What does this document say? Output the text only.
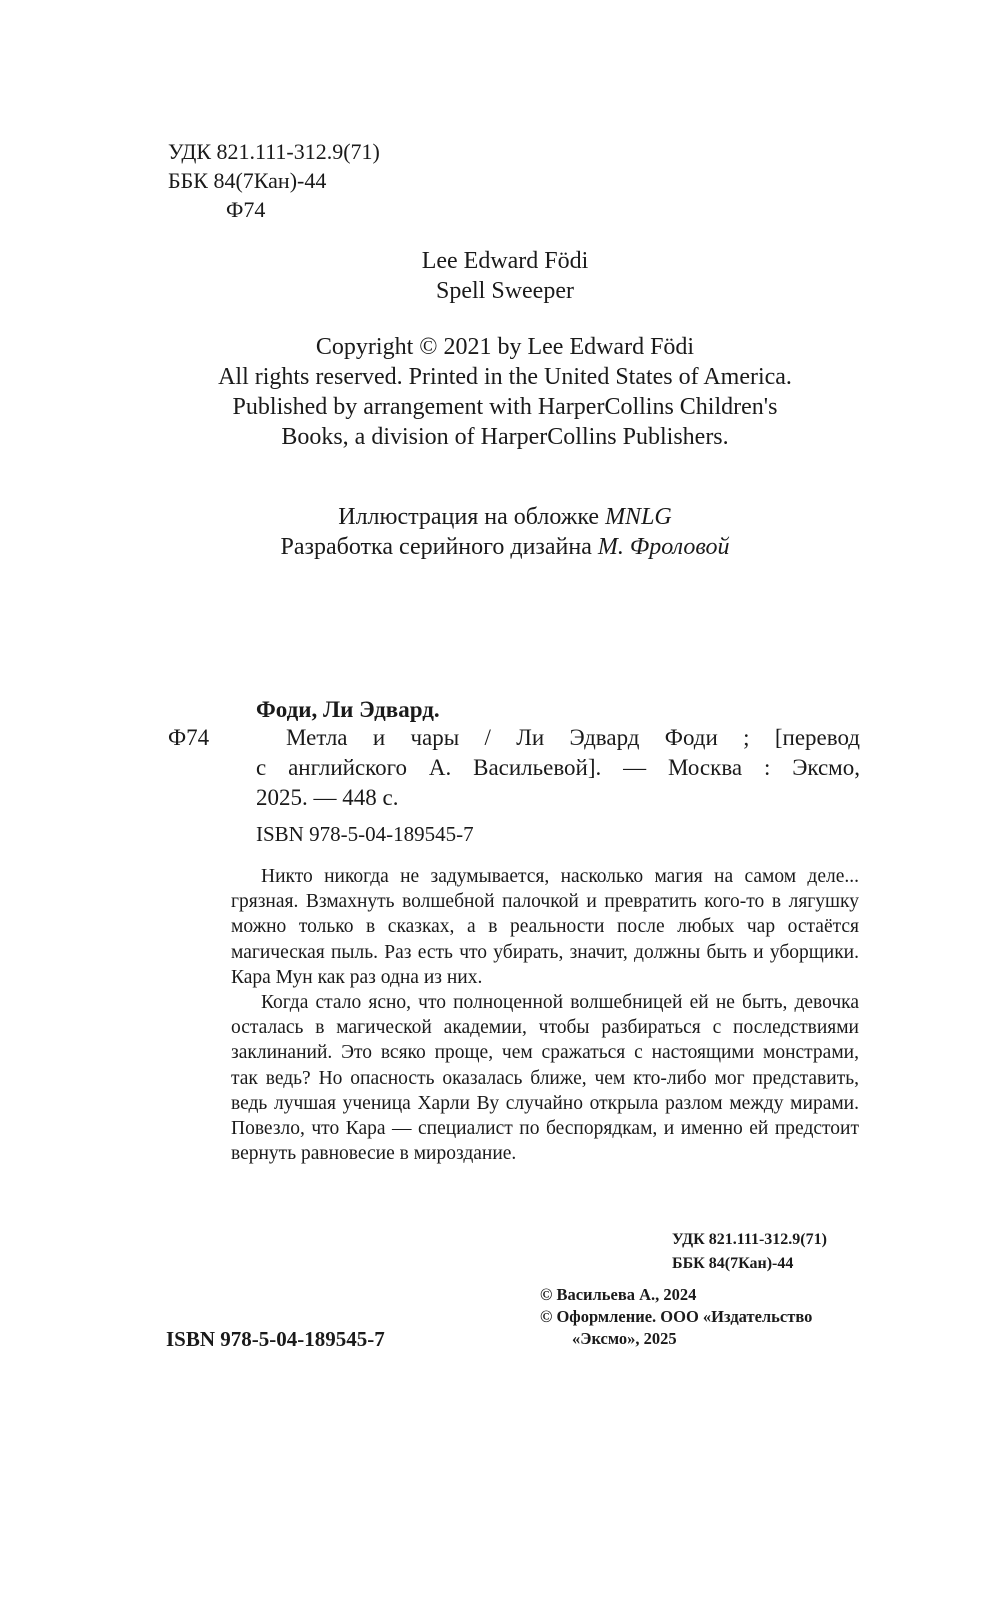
УДК 821.111-312.9(71)
ББК 84(7Кан)-44
Ф74
Lee Edward Födi
Spell Sweeper
Copyright © 2021 by Lee Edward Födi
All rights reserved. Printed in the United States of America.
Published by arrangement with HarperCollins Children's
Books, a division of HarperCollins Publishers.
Иллюстрация на обложке MNLG
Разработка серийного дизайна М. Фроловой
Фоди, Ли Эдвард.
Ф74	Метла и чары / Ли Эдвард Фоди ; [перевод
с английского А. Васильевой]. — Москва : Эксмо,
2025. — 448 с.
ISBN 978-5-04-189545-7

Никто никогда не задумывается, насколько магия на самом деле... грязная. Взмахнуть волшебной палочкой и превратить кого-то в лягушку можно только в сказках, а в реальности после любых чар остаётся магическая пыль. Раз есть что убирать, значит, должны быть и уборщики. Кара Мун как раз одна из них.

Когда стало ясно, что полноценной волшебницей ей не быть, девочка осталась в магической академии, чтобы разбираться с последствиями заклинаний. Это всяко проще, чем сражаться с настоящими монстрами, так ведь? Но опасность оказалась ближе, чем кто-либо мог представить, ведь лучшая ученица Харли Ву случайно открыла разлом между мирами. Повезло, что Кара — специалист по беспорядкам, и именно ей предстоит вернуть равновесие в мироздание.

УДК 821.111-312.9(71)
ББК 84(7Кан)-44
ISBN 978-5-04-189545-7
© Васильева А., 2024
© Оформление. ООО «Издательство
«Эксмо», 2025
